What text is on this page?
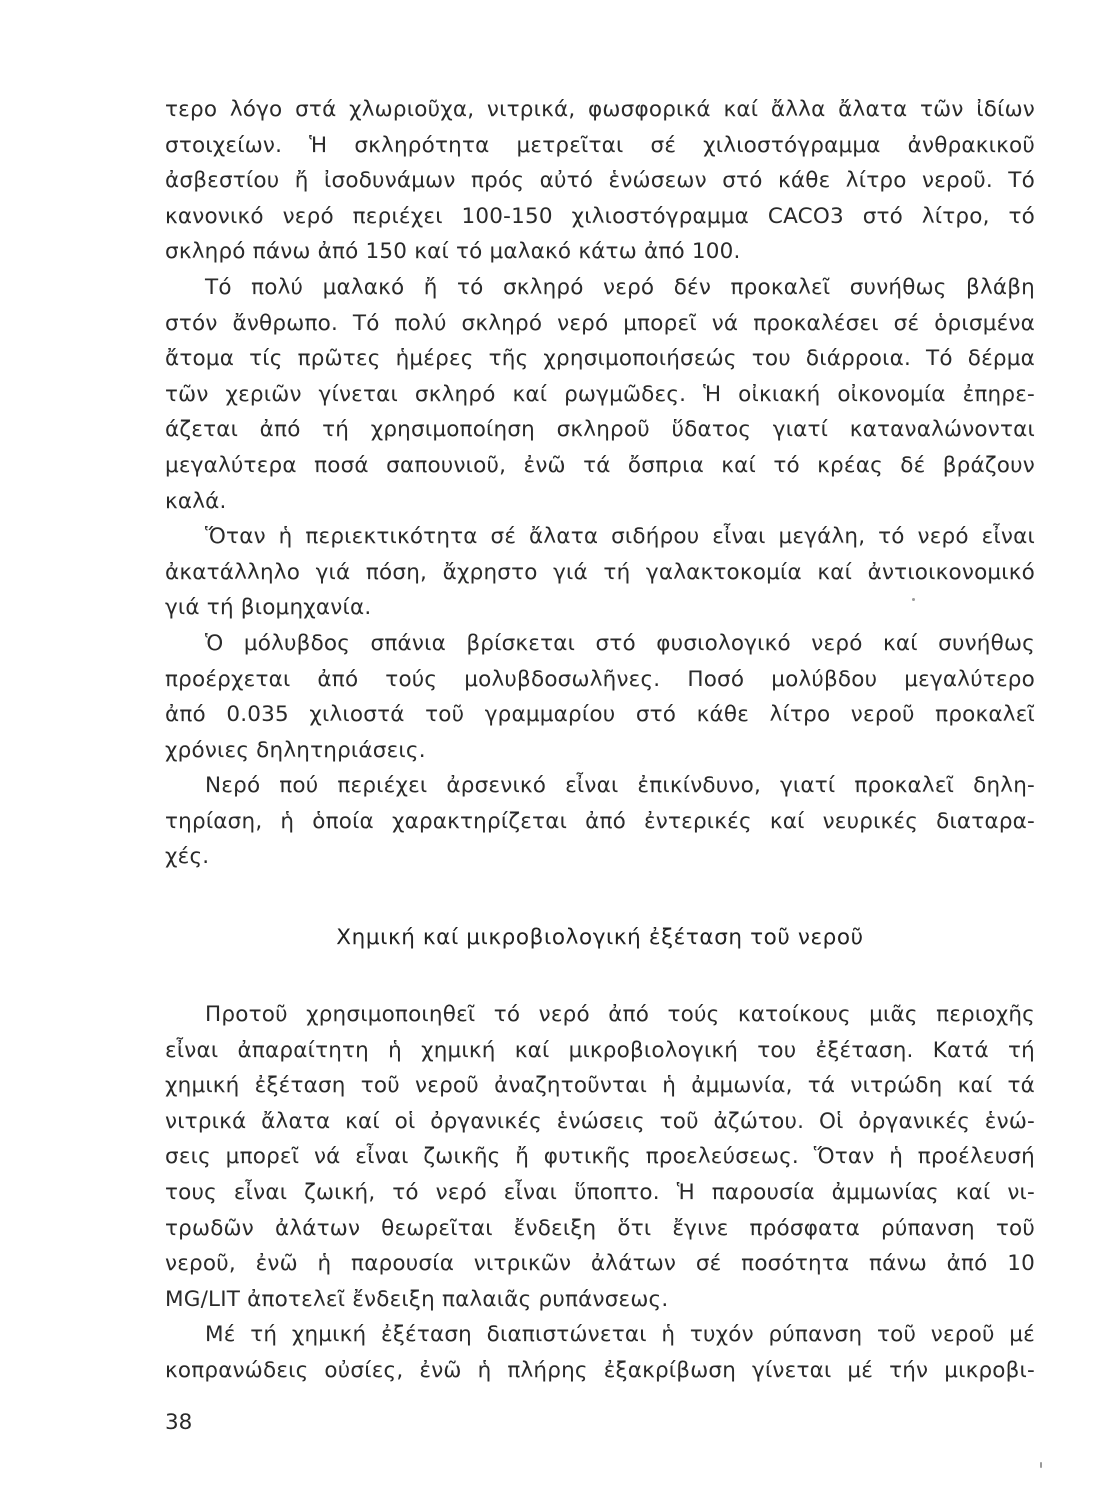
τερο λόγο στά χλωριοῦχα, νιτρικά, φωσφορικά καί ἄλλα ἄλατα τῶν ἰδίων
στοιχείων. Ἡ σκληρότητα μετρεῖται σέ χιλιοστόγραμμα ἀνθρακικοῦ
ἀσβεστίου ἤ ἰσοδυνάμων πρός αὐτό ἑνώσεων στό κάθε λίτρο νεροῦ. Τό
κανονικό νερό περιέχει 100-150 χιλιοστόγραμμα CACO3 στό λίτρο, τό
σκληρό πάνω ἀπό 150 καί τό μαλακό κάτω ἀπό 100.
Τό πολύ μαλακό ἤ τό σκληρό νερό δέν προκαλεῖ συνήθως βλάβη
στόν ἄνθρωπο. Τό πολύ σκληρό νερό μπορεῖ νά προκαλέσει σέ ὁρισμένα
ἄτομα τίς πρῶτες ἡμέρες τῆς χρησιμοποιήσεώς του διάρροια. Τό δέρμα
τῶν χεριῶν γίνεται σκληρό καί ρωγμῶδες. Ἡ οἰκιακή οἰκονομία ἐπηρε-
άζεται ἀπό τή χρησιμοποίηση σκληροῦ ὕδατος γιατί καταναλώνονται
μεγαλύτερα ποσά σαπουνιοῦ, ἐνῶ τά ὄσπρια καί τό κρέας δέ βράζουν
καλά.
Ὅταν ἡ περιεκτικότητα σέ ἄλατα σιδήρου εἶναι μεγάλη, τό νερό εἶναι
ἀκατάλληλο γιά πόση, ἄχρηστο γιά τή γαλακτοκομία καί ἀντιοικονομικό
γιά τή βιομηχανία.
Ὁ μόλυβδος σπάνια βρίσκεται στό φυσιολογικό νερό καί συνήθως
προέρχεται ἀπό τούς μολυβδοσωλῆνες. Ποσό μολύβδου μεγαλύτερο
ἀπό 0.035 χιλιοστά τοῦ γραμμαρίου στό κάθε λίτρο νεροῦ προκαλεῖ
χρόνιες δηλητηριάσεις.
Νερό πού περιέχει ἀρσενικό εἶναι ἐπικίνδυνο, γιατί προκαλεῖ δηλη-
τηρίαση, ἡ ὁποία χαρακτηρίζεται ἀπό ἐντερικές καί νευρικές διαταρα-
χές.
Χημική καί μικροβιολογική ἐξέταση τοῦ νεροῦ
Προτοῦ χρησιμοποιηθεῖ τό νερό ἀπό τούς κατοίκους μιᾶς περιοχῆς
εἶναι ἀπαραίτητη ἡ χημική καί μικροβιολογική του ἐξέταση. Κατά τή
χημική ἐξέταση τοῦ νεροῦ ἀναζητοῦνται ἡ ἀμμωνία, τά νιτρώδη καί τά
νιτρικά ἄλατα καί οἱ ὀργανικές ἑνώσεις τοῦ ἀζώτου. Οἱ ὀργανικές ἑνώ-
σεις μπορεῖ νά εἶναι ζωικῆς ἤ φυτικῆς προελεύσεως. Ὅταν ἡ προέλευσή
τους εἶναι ζωική, τό νερό εἶναι ὕποπτο. Ἡ παρουσία ἀμμωνίας καί νι-
τρωδῶν ἀλάτων θεωρεῖται ἔνδειξη ὅτι ἔγινε πρόσφατα ρύπανση τοῦ
νεροῦ, ἐνῶ ἡ παρουσία νιτρικῶν ἀλάτων σέ ποσότητα πάνω ἀπό 10
MG/LIT ἀποτελεῖ ἔνδειξη παλαιᾶς ρυπάνσεως.
Μέ τή χημική ἐξέταση διαπιστώνεται ἡ τυχόν ρύπανση τοῦ νεροῦ μέ
κοπρανώδεις οὐσίες, ἐνῶ ἡ πλήρης ἐξακρίβωση γίνεται μέ τήν μικροβι-
38
